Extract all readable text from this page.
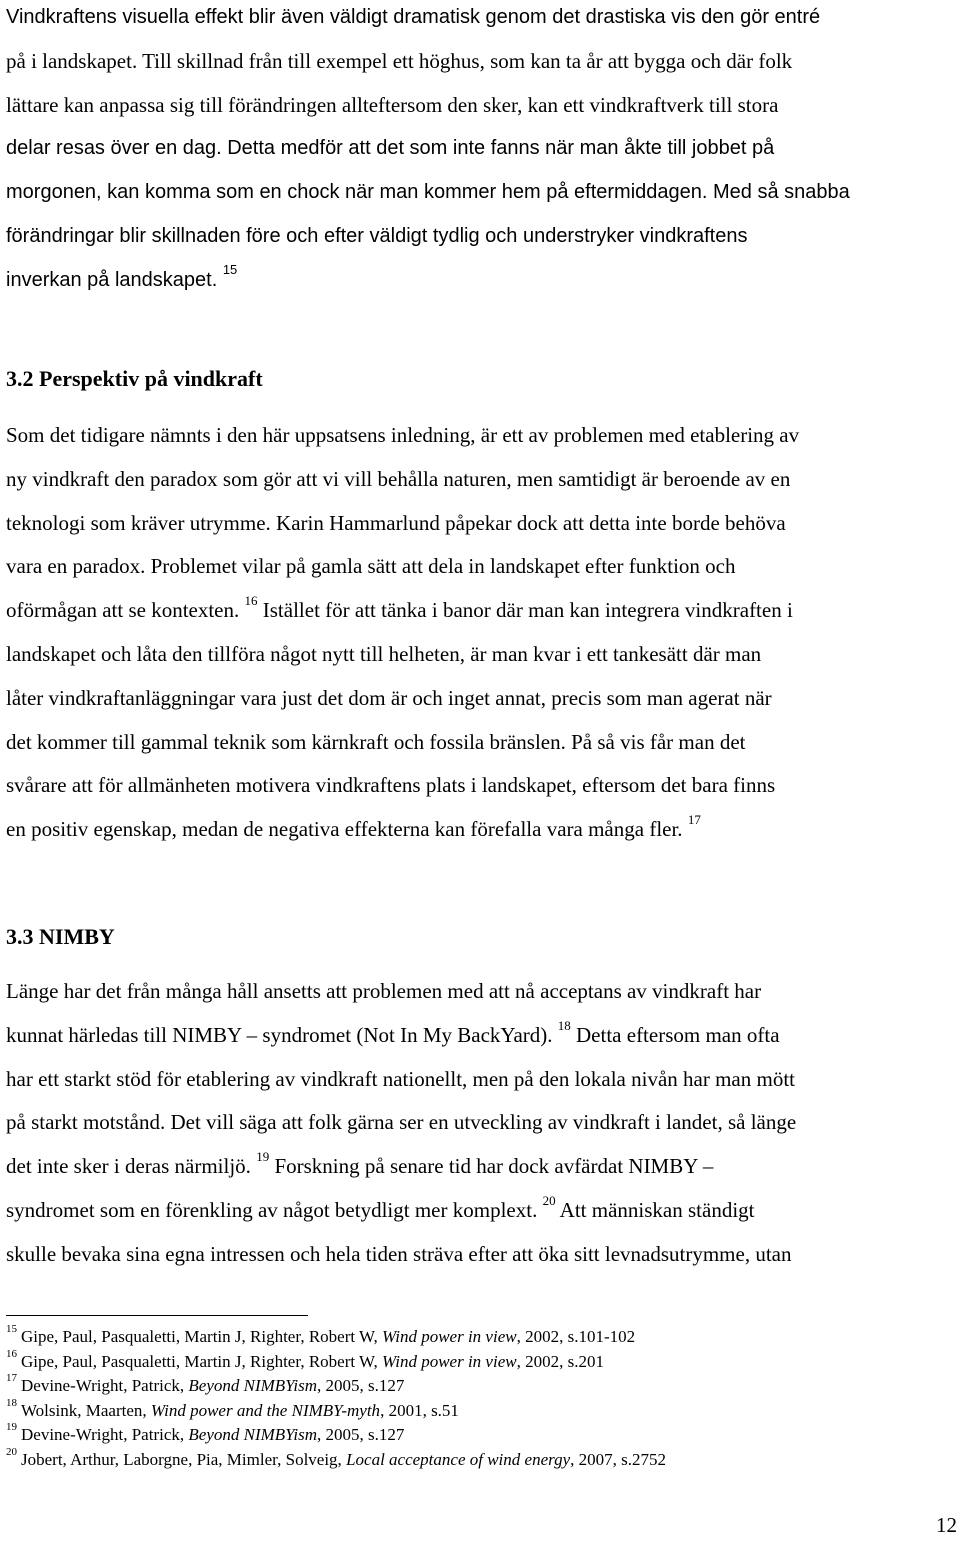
Vindkraftens visuella effekt blir även väldigt dramatisk genom det drastiska vis den gör entré
på i landskapet. Till skillnad från till exempel ett höghus, som kan ta år att bygga och där folk
lättare kan anpassa sig till förändringen allteftersom den sker, kan ett vindkraftverk till stora
delar resas över en dag. Detta medför att det som inte fanns när man åkte till jobbet på
morgonen, kan komma som en chock när man kommer hem på eftermiddagen. Med så snabba
förändringar blir skillnaden före och efter väldigt tydlig och understryker vindkraftens
inverkan på landskapet. $^{15}$
3.2 Perspektiv på vindkraft
Som det tidigare nämnts i den här uppsatsens inledning, är ett av problemen med etablering av
ny vindkraft den paradox som gör att vi vill behålla naturen, men samtidigt är beroende av en
teknologi som kräver utrymme. Karin Hammarlund påpekar dock att detta inte borde behöva
vara en paradox. Problemet vilar på gamla sätt att dela in landskapet efter funktion och
oförmågan att se kontexten. $^{16}$ Istället för att tänka i banor där man kan integrera vindkraften i
landskapet och låta den tillföra något nytt till helheten, är man kvar i ett tankesätt där man
låter vindkraftanläggningar vara just det dom är och inget annat, precis som man agerat när
det kommer till gammal teknik som kärnkraft och fossila bränslen. På så vis får man det
svårare att för allmänheten motivera vindkraftens plats i landskapet, eftersom det bara finns
en positiv egenskap, medan de negativa effekterna kan förefalla vara många fler. $^{17}$
3.3 NIMBY
Länge har det från många håll ansetts att problemen med att nå acceptans av vindkraft har
kunnat härledas till NIMBY – syndromet (Not In My BackYard). $^{18}$ Detta eftersom man ofta
har ett starkt stöd för etablering av vindkraft nationellt, men på den lokala nivån har man mött
på starkt motstånd. Det vill säga att folk gärna ser en utveckling av vindkraft i landet, så länge
det inte sker i deras närmiljö. $^{19}$ Forskning på senare tid har dock avfärdat NIMBY –
syndromet som en förenkling av något betydligt mer komplext. $^{20}$ Att människan ständigt
skulle bevaka sina egna intressen och hela tiden sträva efter att öka sitt levnadsutrymme, utan
$^{15}$ Gipe, Paul, Pasqualetti, Martin J, Righter, Robert W, Wind power in view, 2002, s.101-102
$^{16}$ Gipe, Paul, Pasqualetti, Martin J, Righter, Robert W, Wind power in view, 2002, s.201
$^{17}$ Devine-Wright, Patrick, Beyond NIMBYism, 2005, s.127
$^{18}$ Wolsink, Maarten, Wind power and the NIMBY-myth, 2001, s.51
$^{19}$ Devine-Wright, Patrick, Beyond NIMBYism, 2005, s.127
$^{20}$ Jobert, Arthur, Laborgne, Pia, Mimler, Solveig, Local acceptance of wind energy, 2007, s.2752
12
